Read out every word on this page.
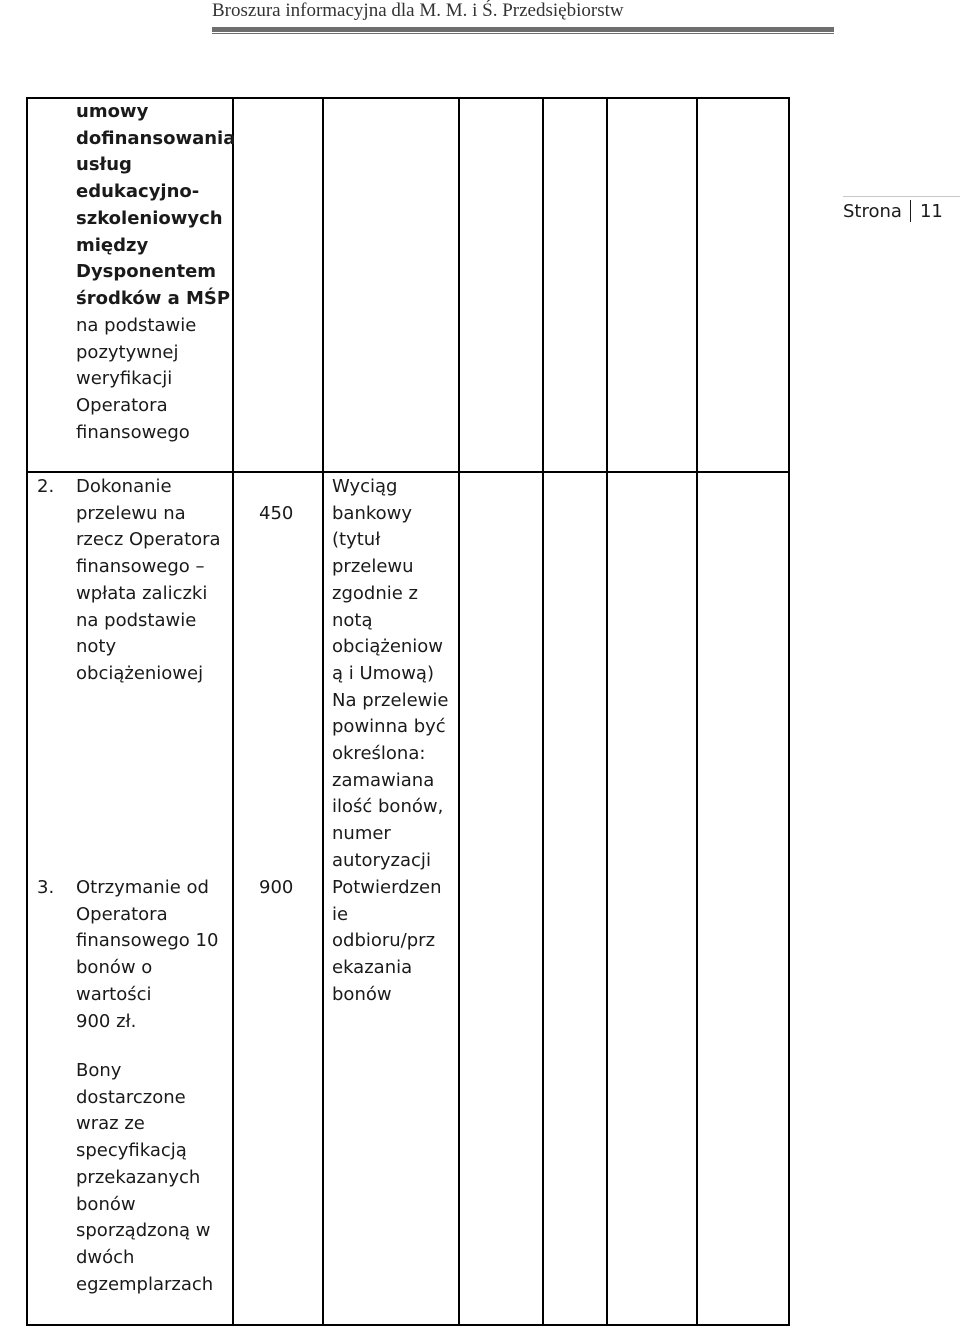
Broszura informacyjna dla M. M. i Ś. Przedsiębiorstw
Strona 11
umowy
dofinansowania
usług
edukacyjno-
szkoleniowych
między
Dysponentem
środków a MŚP
na podstawie
pozytywnej
weryfikacji
Operatora
finansowego
2. Dokonanie
przelewu na
rzecz Operatora
finansowego –
wpłata zaliczki
na podstawie
noty
obciążeniowej
450
Wyciąg
bankowy
(tytuł
przelewu
zgodnie z
notą
obciążeniow
ą i Umową)
Na przelewie
powinna być
określona:
zamawiana
ilość bonów,
numer
autoryzacji
3. Otrzymanie od
Operatora
finansowego 10
bonów o
wartości
900 zł.
900 Potwierdzen
ie
odbioru/prz
ekazania
bonów
Bony
dostarczone
wraz ze
specyfikacją
przekazanych
bonów
sporządzoną w
dwóch
egzemplarzach
